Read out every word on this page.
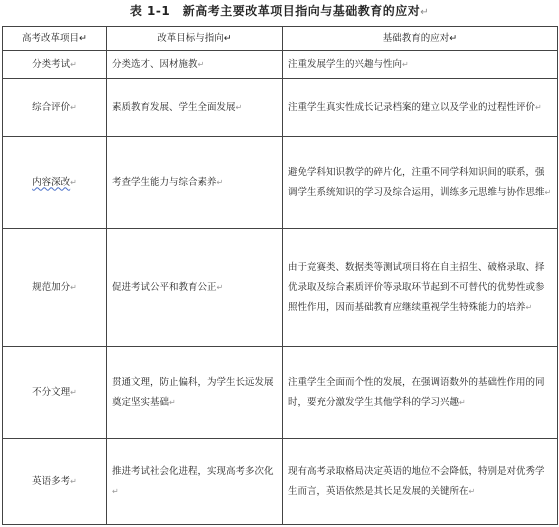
表 1-1　新高考主要改革项目指向与基础教育的应对↵
高考改革项目↵	改革目标与指向↵	基础教育的应对↵
分类考试↵	分类选才、因材施教↵	注重发展学生的兴趣与性向↵
综合评价↵	素质教育发展、学生全面发展↵	注重学生真实性成长记录档案的建立以及学业的过程性评价↵
内容深改↵	考查学生能力与综合素养↵	避免学科知识教学的碎片化，注重不同学科知识间的联系，强调学生系统知识的学习及综合运用，训练多元思维与协作思维↵
规范加分↵	促进考试公平和教育公正↵	由于竞赛类、数据类等测试项目将在自主招生、破格录取、择优录取及综合素质评价等录取环节起到不可替代的优势性或参照性作用，因而基础教育应继续重视学生特殊能力的培养↵
不分文理↵	贯通文理，防止偏科，为学生长远发展奠定坚实基础↵	注重学生全面而个性的发展，在强调语数外的基础性作用的同时，要充分激发学生其他学科的学习兴趣↵
英语多考↵	推进考试社会化进程，实现高考多次化↵	现有高考录取格局决定英语的地位不会降低，特别是对优秀学生而言，英语依然是其长足发展的关键所在↵
